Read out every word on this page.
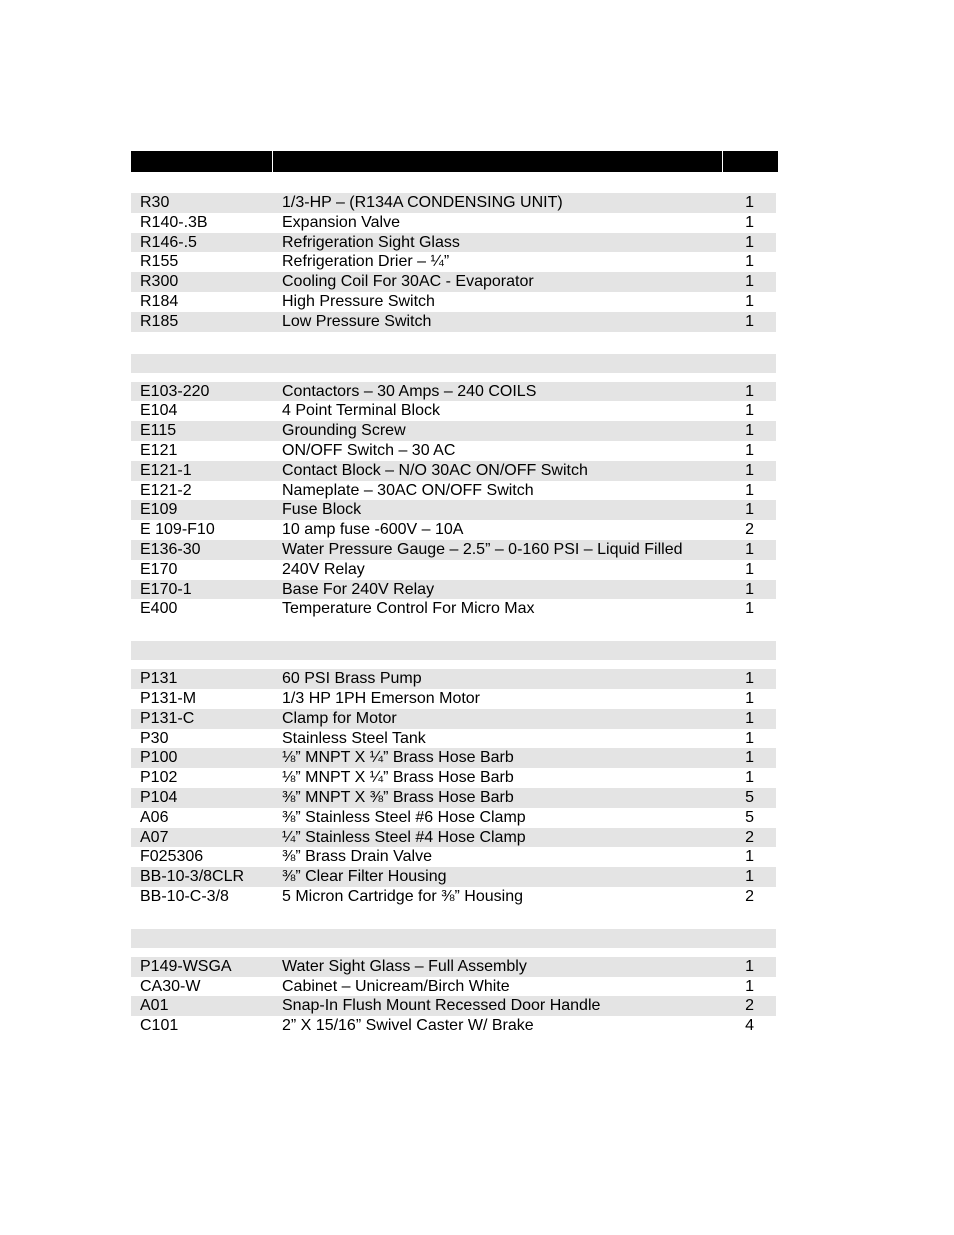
R30	1/3-HP – (R134A CONDENSING UNIT)	1
R140-.3B	Expansion Valve	1
R146-.5	Refrigeration Sight Glass	1
R155	Refrigeration Drier – ¼”	1
R300	Cooling Coil For 30AC - Evaporator	1
R184	High Pressure Switch	1
R185	Low Pressure Switch	1
E103-220	Contactors – 30 Amps – 240 COILS	1
E104	4 Point Terminal Block	1
E115	Grounding Screw	1
E121	ON/OFF Switch – 30 AC	1
E121-1	Contact Block – N/O 30AC ON/OFF Switch	1
E121-2	Nameplate – 30AC ON/OFF Switch	1
E109	Fuse Block	1
E 109-F10	10 amp fuse -600V – 10A	2
E136-30	Water Pressure Gauge – 2.5” – 0-160 PSI – Liquid Filled	1
E170	240V Relay	1
E170-1	Base For 240V Relay	1
E400	Temperature Control For Micro Max	1
P131	60 PSI Brass Pump	1
P131-M	1/3 HP 1PH Emerson Motor	1
P131-C	Clamp for Motor	1
P30	Stainless Steel Tank	1
P100	⅛” MNPT X ¼” Brass Hose Barb	1
P102	⅛” MNPT X ¼” Brass Hose Barb	1
P104	⅜” MNPT X ⅜” Brass Hose Barb	5
A06	⅜” Stainless Steel #6 Hose Clamp	5
A07	¼” Stainless Steel #4 Hose Clamp	2
F025306	⅜” Brass Drain Valve	1
BB-10-3/8CLR	⅜” Clear Filter Housing	1
BB-10-C-3/8	5 Micron Cartridge for ⅜” Housing	2
P149-WSGA	Water Sight Glass – Full Assembly	1
CA30-W	Cabinet – Unicream/Birch White	1
A01	Snap-In Flush Mount Recessed Door Handle	2
C101	2” X 15/16” Swivel Caster W/ Brake	4
